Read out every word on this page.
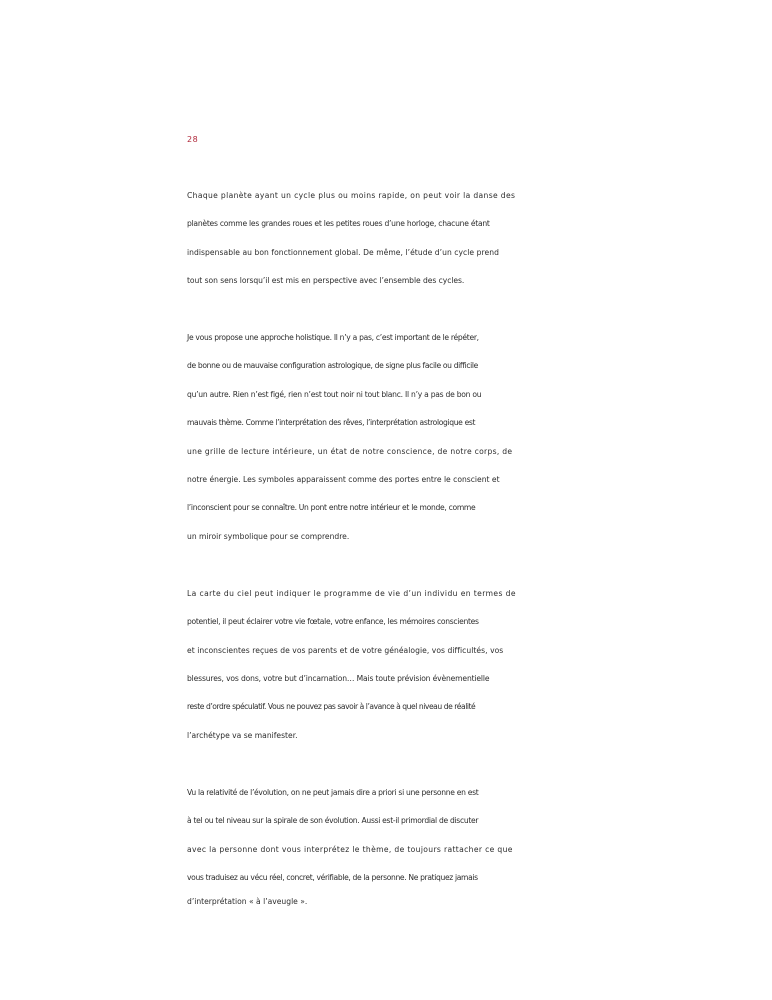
28
Chaque planète ayant un cycle plus ou moins rapide, on peut voir la danse des
planètes comme les grandes roues et les petites roues d’une horloge, chacune étant
indispensable au bon fonctionnement global. De même, l’étude d’un cycle prend
tout son sens lorsqu’il est mis en perspective avec l’ensemble des cycles.
Je vous propose une approche holistique. Il n’y a pas, c’est important de le répéter,
de bonne ou de mauvaise configuration astrologique, de signe plus facile ou difficile
qu’un autre. Rien n’est figé, rien n’est tout noir ni tout blanc. Il n’y a pas de bon ou
mauvais thème. Comme l’interprétation des rêves, l’interprétation astrologique est
une grille de lecture intérieure, un état de notre conscience, de notre corps, de
notre énergie. Les symboles apparaissent comme des portes entre le conscient et
l’inconscient pour se connaître. Un pont entre notre intérieur et le monde, comme
un miroir symbolique pour se comprendre.
La carte du ciel peut indiquer le programme de vie d’un individu en termes de
potentiel, il peut éclairer votre vie fœtale, votre enfance, les mémoires conscientes
et inconscientes reçues de vos parents et de votre généalogie, vos difficultés, vos
blessures, vos dons, votre but d’incarnation… Mais toute prévision évènementielle
reste d’ordre spéculatif. Vous ne pouvez pas savoir à l’avance à quel niveau de réalité
l’archétype va se manifester.
Vu la relativité de l’évolution, on ne peut jamais dire a priori si une personne en est
à tel ou tel niveau sur la spirale de son évolution. Aussi est-il primordial de discuter
avec la personne dont vous interprétez le thème, de toujours rattacher ce que
vous traduisez au vécu réel, concret, vérifiable, de la personne. Ne pratiquez jamais
d’interprétation « à l’aveugle ».
